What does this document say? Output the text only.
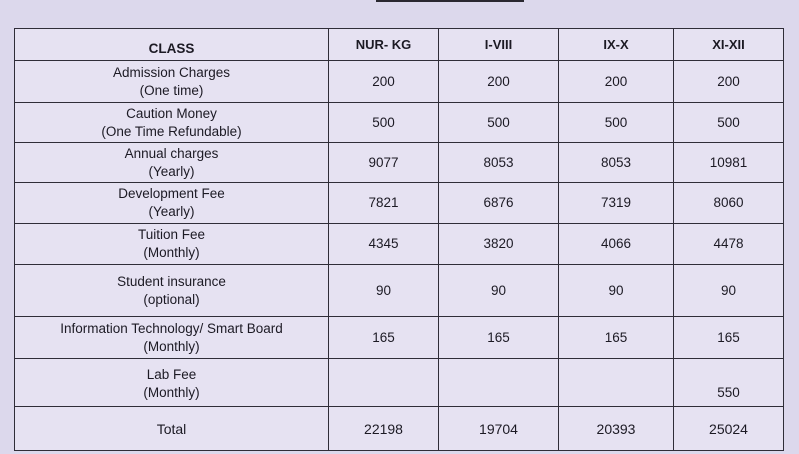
CLASS	NUR- KG	I-VIII	IX-X	XI-XII

Admission Charges
(One time)	200	200	200	200

Caution Money
(One Time Refundable)	500	500	500	500

Annual charges
(Yearly)	9077	8053	8053	10981

Development Fee
(Yearly)	7821	6876	7319	8060

Tuition Fee
(Monthly)	4345	3820	4066	4478

Student insurance
(optional)	90	90	90	90

Information Technology/ Smart Board
(Monthly)	165	165	165	165

Lab Fee
(Monthly)				550
Total	22198	19704	20393	25024
